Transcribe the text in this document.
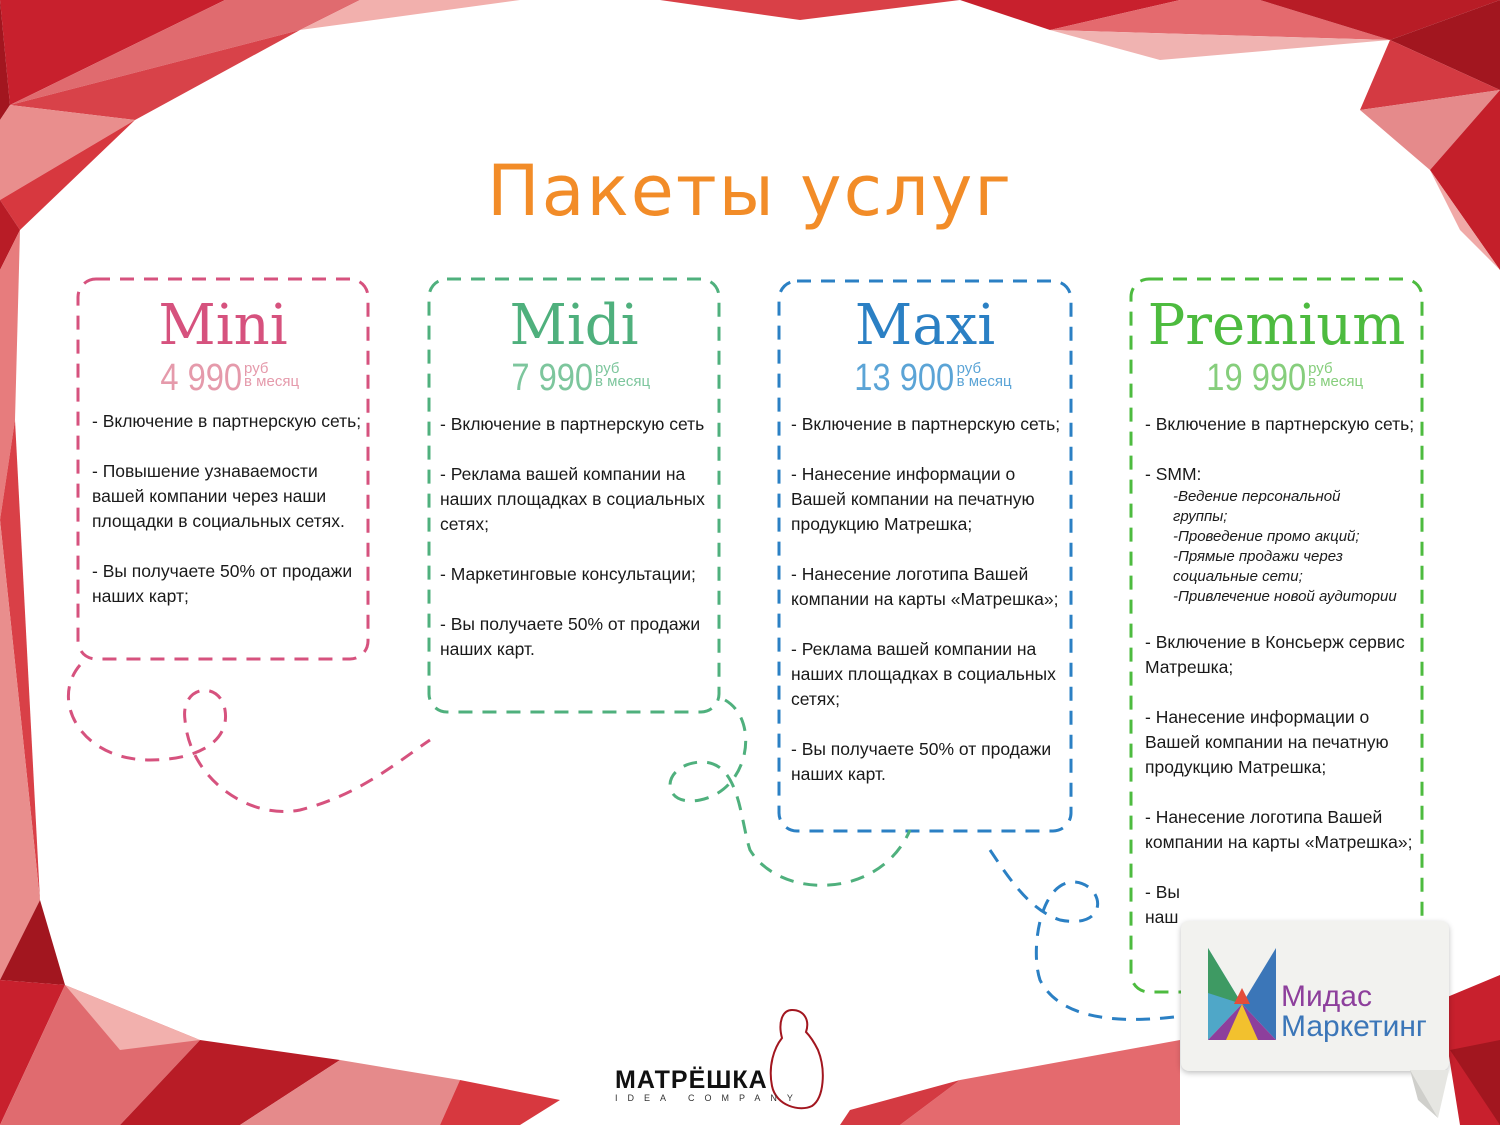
Пакеты услуг
Mini
4 990 руб
в месяц

- Включение в партнерскую сеть;

- Повышение узнаваемости вашей компании через наши площадки в социальных сетях.

- Вы получаете 50% от продажи наших карт;

Midi
7 990 руб
в месяц

- Включение в партнерскую сеть

- Реклама вашей компании на наших площадках в социальных сетях;

- Маркетинговые консультации;

- Вы получаете 50% от продажи наших карт.

Maxi
13 900 руб
в месяц

- Включение в партнерскую сеть;

- Нанесение информации о Вашей компании на печатную продукцию Матрешка;

- Нанесение логотипа Вашей компании на карты «Матрешка»;

- Реклама вашей компании на наших площадках в социальных сетях;

- Вы получаете 50% от продажи наших карт.

Premium
19 990 руб
в месяц

- Включение в партнерскую сеть;

- SMM:

-Ведение персональной группы;

-Проведение промо акций;

-Прямые продажи через социальные сети;

-Привлечение новой аудитории

- Включение в Консьерж сервис Матрешка;

- Нанесение информации о Вашей компании на печатную продукцию Матрешка;

- Нанесение логотипа Вашей компании на карты «Матрешка»;

- Вы

наш

Мидас
Маркетинг
МАТРЁШКА
IDEA COMPANY
